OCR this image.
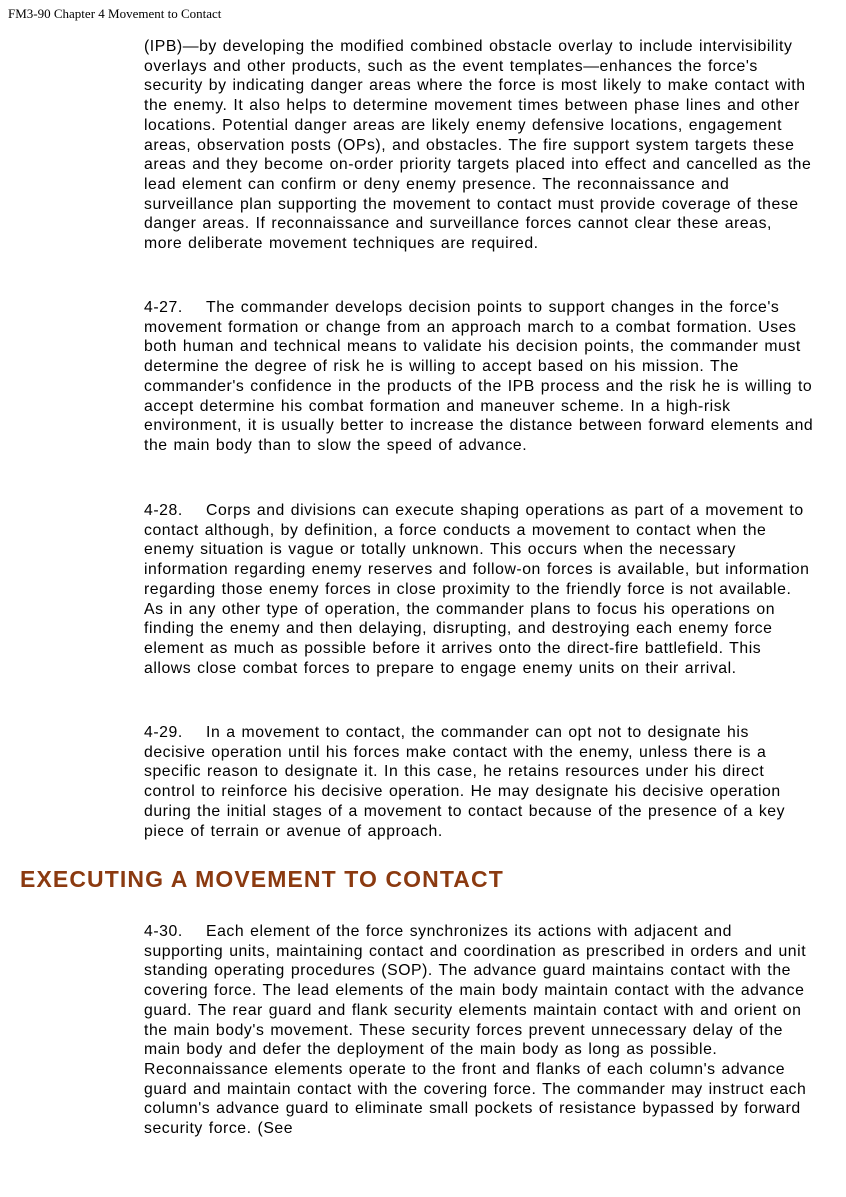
FM3-90 Chapter 4 Movement to Contact

(IPB)—by developing the modified combined obstacle overlay to include intervisibility overlays and other products, such as the event templates—enhances the force's security by indicating danger areas where the force is most likely to make contact with the enemy. It also helps to determine movement times between phase lines and other locations. Potential danger areas are likely enemy defensive locations, engagement areas, observation posts (OPs), and obstacles. The fire support system targets these areas and they become on-order priority targets placed into effect and cancelled as the lead element can confirm or deny enemy presence. The reconnaissance and surveillance plan supporting the movement to contact must provide coverage of these danger areas. If reconnaissance and surveillance forces cannot clear these areas, more deliberate movement techniques are required.

4-27. The commander develops decision points to support changes in the force's movement formation or change from an approach march to a combat formation. Uses both human and technical means to validate his decision points, the commander must determine the degree of risk he is willing to accept based on his mission. The commander's confidence in the products of the IPB process and the risk he is willing to accept determine his combat formation and maneuver scheme. In a high-risk environment, it is usually better to increase the distance between forward elements and the main body than to slow the speed of advance.

4-28. Corps and divisions can execute shaping operations as part of a movement to contact although, by definition, a force conducts a movement to contact when the enemy situation is vague or totally unknown. This occurs when the necessary information regarding enemy reserves and follow-on forces is available, but information regarding those enemy forces in close proximity to the friendly force is not available. As in any other type of operation, the commander plans to focus his operations on finding the enemy and then delaying, disrupting, and destroying each enemy force element as much as possible before it arrives onto the direct-fire battlefield. This allows close combat forces to prepare to engage enemy units on their arrival.

4-29. In a movement to contact, the commander can opt not to designate his decisive operation until his forces make contact with the enemy, unless there is a specific reason to designate it. In this case, he retains resources under his direct control to reinforce his decisive operation. He may designate his decisive operation during the initial stages of a movement to contact because of the presence of a key piece of terrain or avenue of approach.

EXECUTING A MOVEMENT TO CONTACT

4-30. Each element of the force synchronizes its actions with adjacent and supporting units, maintaining contact and coordination as prescribed in orders and unit standing operating procedures (SOP). The advance guard maintains contact with the covering force. The lead elements of the main body maintain contact with the advance guard. The rear guard and flank security elements maintain contact with and orient on the main body's movement. These security forces prevent unnecessary delay of the main body and defer the deployment of the main body as long as possible. Reconnaissance elements operate to the front and flanks of each column's advance guard and maintain contact with the covering force. The commander may instruct each column's advance guard to eliminate small pockets of resistance bypassed by forward security force. (See
